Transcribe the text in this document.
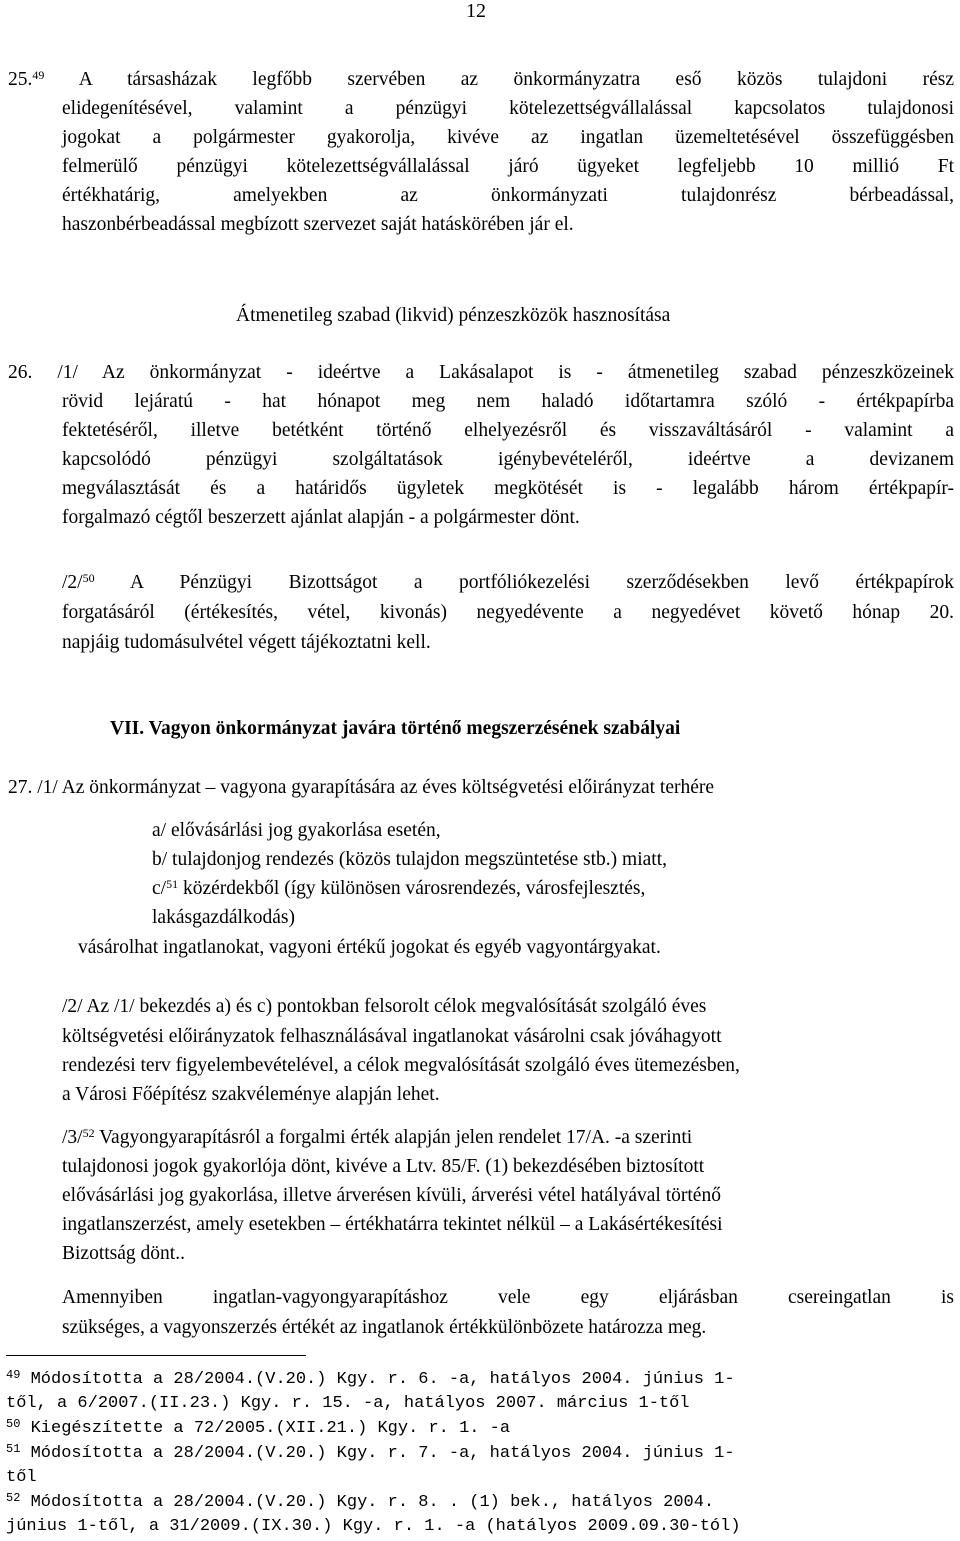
12
25.49 A társasházak legfőbb szervében az önkormányzatra eső közös tulajdoni rész
elidegenítésével, valamint a pénzügyi kötelezettségvállalással kapcsolatos tulajdonosi
jogokat a polgármester gyakorolja, kivéve az ingatlan üzemeltetésével összefüggésben
felmerülő pénzügyi kötelezettségvállalással járó ügyeket legfeljebb 10 millió Ft
értékhatárig, amelyekben az önkormányzati tulajdonrész bérbeadással,
haszonbérbeadással megbízott szervezet saját hatáskörében jár el.
Átmenetileg szabad (likvid) pénzeszközök hasznosítása
26. /1/ Az önkormányzat - ideértve a Lakásalapot is - átmenetileg szabad pénzeszközeinek
rövid lejáratú - hat hónapot meg nem haladó időtartamra szóló - értékpapírba
fektetéséről, illetve betétként történő elhelyezésről és visszaváltásáról - valamint a
kapcsolódó pénzügyi szolgáltatások igénybevételéről, ideértve a devizanem
megválasztását és a határidős ügyletek megkötését is - legalább három értékpapír-
forgalmazó cégtől beszerzett ajánlat alapján - a polgármester dönt.
/2/$^{50}$ A Pénzügyi Bizottságot a portfóliókezelési szerződésekben levő értékpapírok
forgatásáról (értékesítés, vétel, kivonás) negyedévente a negyedévet követő hónap 20.
napjáig tudomásulvétel végett tájékoztatni kell.
VII. Vagyon önkormányzat javára történő megszerzésének szabályai
27. /1/ Az önkormányzat – vagyona gyarapítására az éves költségvetési előirányzat terhére
a/ elővásárlási jog gyakorlása esetén,
b/ tulajdonjog rendezés (közös tulajdon megszüntetése stb.) miatt,
c/$^{51}$ közérdekből (így különösen városrendezés, városfejlesztés,
lakásgazdálkodás)
vásárolhat ingatlanokat, vagyoni értékű jogokat és egyéb vagyontárgyakat.
/2/ Az /1/ bekezdés a) és c) pontokban felsorolt célok megvalósítását szolgáló éves
költségvetési előirányzatok felhasználásával ingatlanokat vásárolni csak jóváhagyott
rendezési terv figyelembevételével, a célok megvalósítását szolgáló éves ütemezésben,
a Városi Főépítész szakvéleménye alapján lehet.
/3/$^{52}$ Vagyongyarapításról a forgalmi érték alapján jelen rendelet 17/A. -a szerinti
tulajdonosi jogok gyakorlója dönt, kivéve a Ltv. 85/F. (1) bekezdésében biztosított
elővásárlási jog gyakorlása, illetve árverésen kívüli, árverési vétel hatályával történő
ingatlanszerzést, amely esetekben – értékhatárra tekintet nélkül – a Lakásértékesítési
Bizottság dönt..
Amennyiben ingatlan-vagyongyarapításhoz vele egy eljárásban csereingatlan is
szükséges, a vagyonszerzés értékét az ingatlanok értékkülönbözete határozza meg.
$^{49}$ Módosította a 28/2004.(V.20.) Kgy. r. 6. -a, hatályos 2004. június 1-
től, a 6/2007.(II.23.) Kgy. r. 15. -a, hatályos 2007. március 1-től
$^{50}$ Kiegészítette a 72/2005.(XII.21.) Kgy. r. 1. -a
$^{51}$ Módosította a 28/2004.(V.20.) Kgy. r. 7. -a, hatályos 2004. június 1-
től
$^{52}$ Módosította a 28/2004.(V.20.) Kgy. r. 8. . (1) bek., hatályos 2004.
június 1-től, a 31/2009.(IX.30.) Kgy. r. 1. -a (hatályos 2009.09.30-tól)
